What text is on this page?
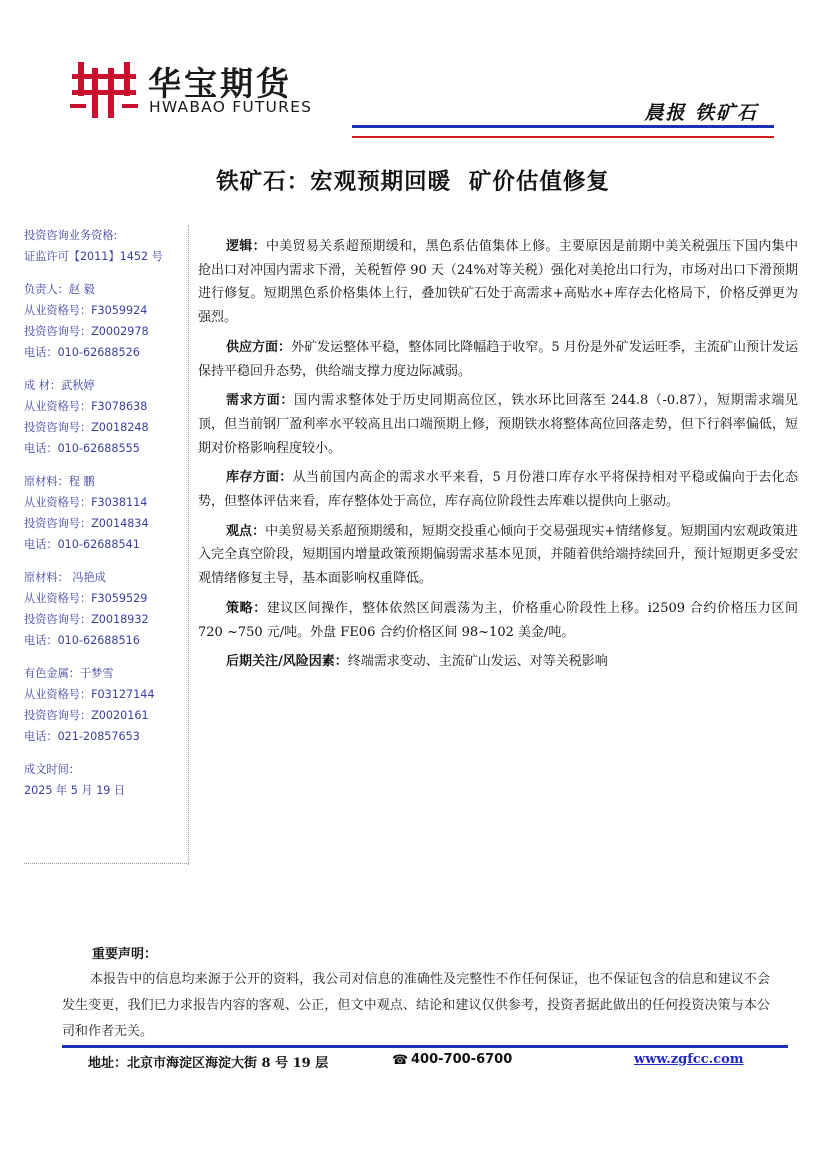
华宝期货
HWABAO FUTURES	晨报 铁矿石
铁矿石：宏观预期回暖  矿价估值修复
投资咨询业务资格:
证监许可【2011】1452 号
负责人：赵 毅
从业资格号：F3059924
投资咨询号：Z0002978
电话：010-62688526
成 材：武秋婷
从业资格号：F3078638
投资咨询号：Z0018248
电话：010-62688555
原材料：程 鹏
从业资格号：F3038114
投资咨询号：Z0014834
电话：010-62688541
原材料： 冯艳成
从业资格号：F3059529
投资咨询号：Z0018932
电话：010-62688516
有色金属：于梦雪
从业资格号：F03127144
投资咨询号：Z0020161
电话：021-20857653
成文时间：
2025 年 5 月 19 日

逻辑：中美贸易关系超预期缓和，黑色系估值集体上修。主要原因是前期中美关税强压下国内集中抢出口对冲国内需求下滑，关税暂停 90 天（24%对等关税）强化对美抢出口行为，市场对出口下滑预期进行修复。短期黑色系价格集体上行，叠加铁矿石处于高需求+高贴水+库存去化格局下，价格反弹更为强烈。

供应方面：外矿发运整体平稳，整体同比降幅趋于收窄。5 月份是外矿发运旺季，主流矿山预计发运保持平稳回升态势，供给端支撑力度边际减弱。

需求方面：国内需求整体处于历史同期高位区，铁水环比回落至 244.8（-0.87），短期需求端见顶，但当前钢厂盈利率水平较高且出口端预期上修，预期铁水将整体高位回落走势，但下行斜率偏低，短期对价格影响程度较小。

库存方面：从当前国内高企的需求水平来看，5 月份港口库存水平将保持相对平稳或偏向于去化态势，但整体评估来看，库存整体处于高位，库存高位阶段性去库难以提供向上驱动。

观点：中美贸易关系超预期缓和，短期交投重心倾向于交易强现实+情绪修复。短期国内宏观政策进入完全真空阶段，短期国内增量政策预期偏弱需求基本见顶，并随着供给端持续回升，预计短期更多受宏观情绪修复主导，基本面影响权重降低。

策略：建议区间操作，整体依然区间震荡为主，价格重心阶段性上移。i2509 合约价格压力区间 720 ~750 元/吨。外盘 FE06 合约价格区间 98~102 美金/吨。

后期关注/风险因素：终端需求变动、主流矿山发运、对等关税影响

重要声明：
本报告中的信息均来源于公开的资料，我公司对信息的准确性及完整性不作任何保证，也不保证包含的信息和建议不会发生变更，我们已力求报告内容的客观、公正，但文中观点、结论和建议仅供参考，投资者据此做出的任何投资决策与本公司和作者无关。
地址：北京市海淀区海淀大街 8 号 19 层	☎ 400-700-6700	www.zgfcc.com
